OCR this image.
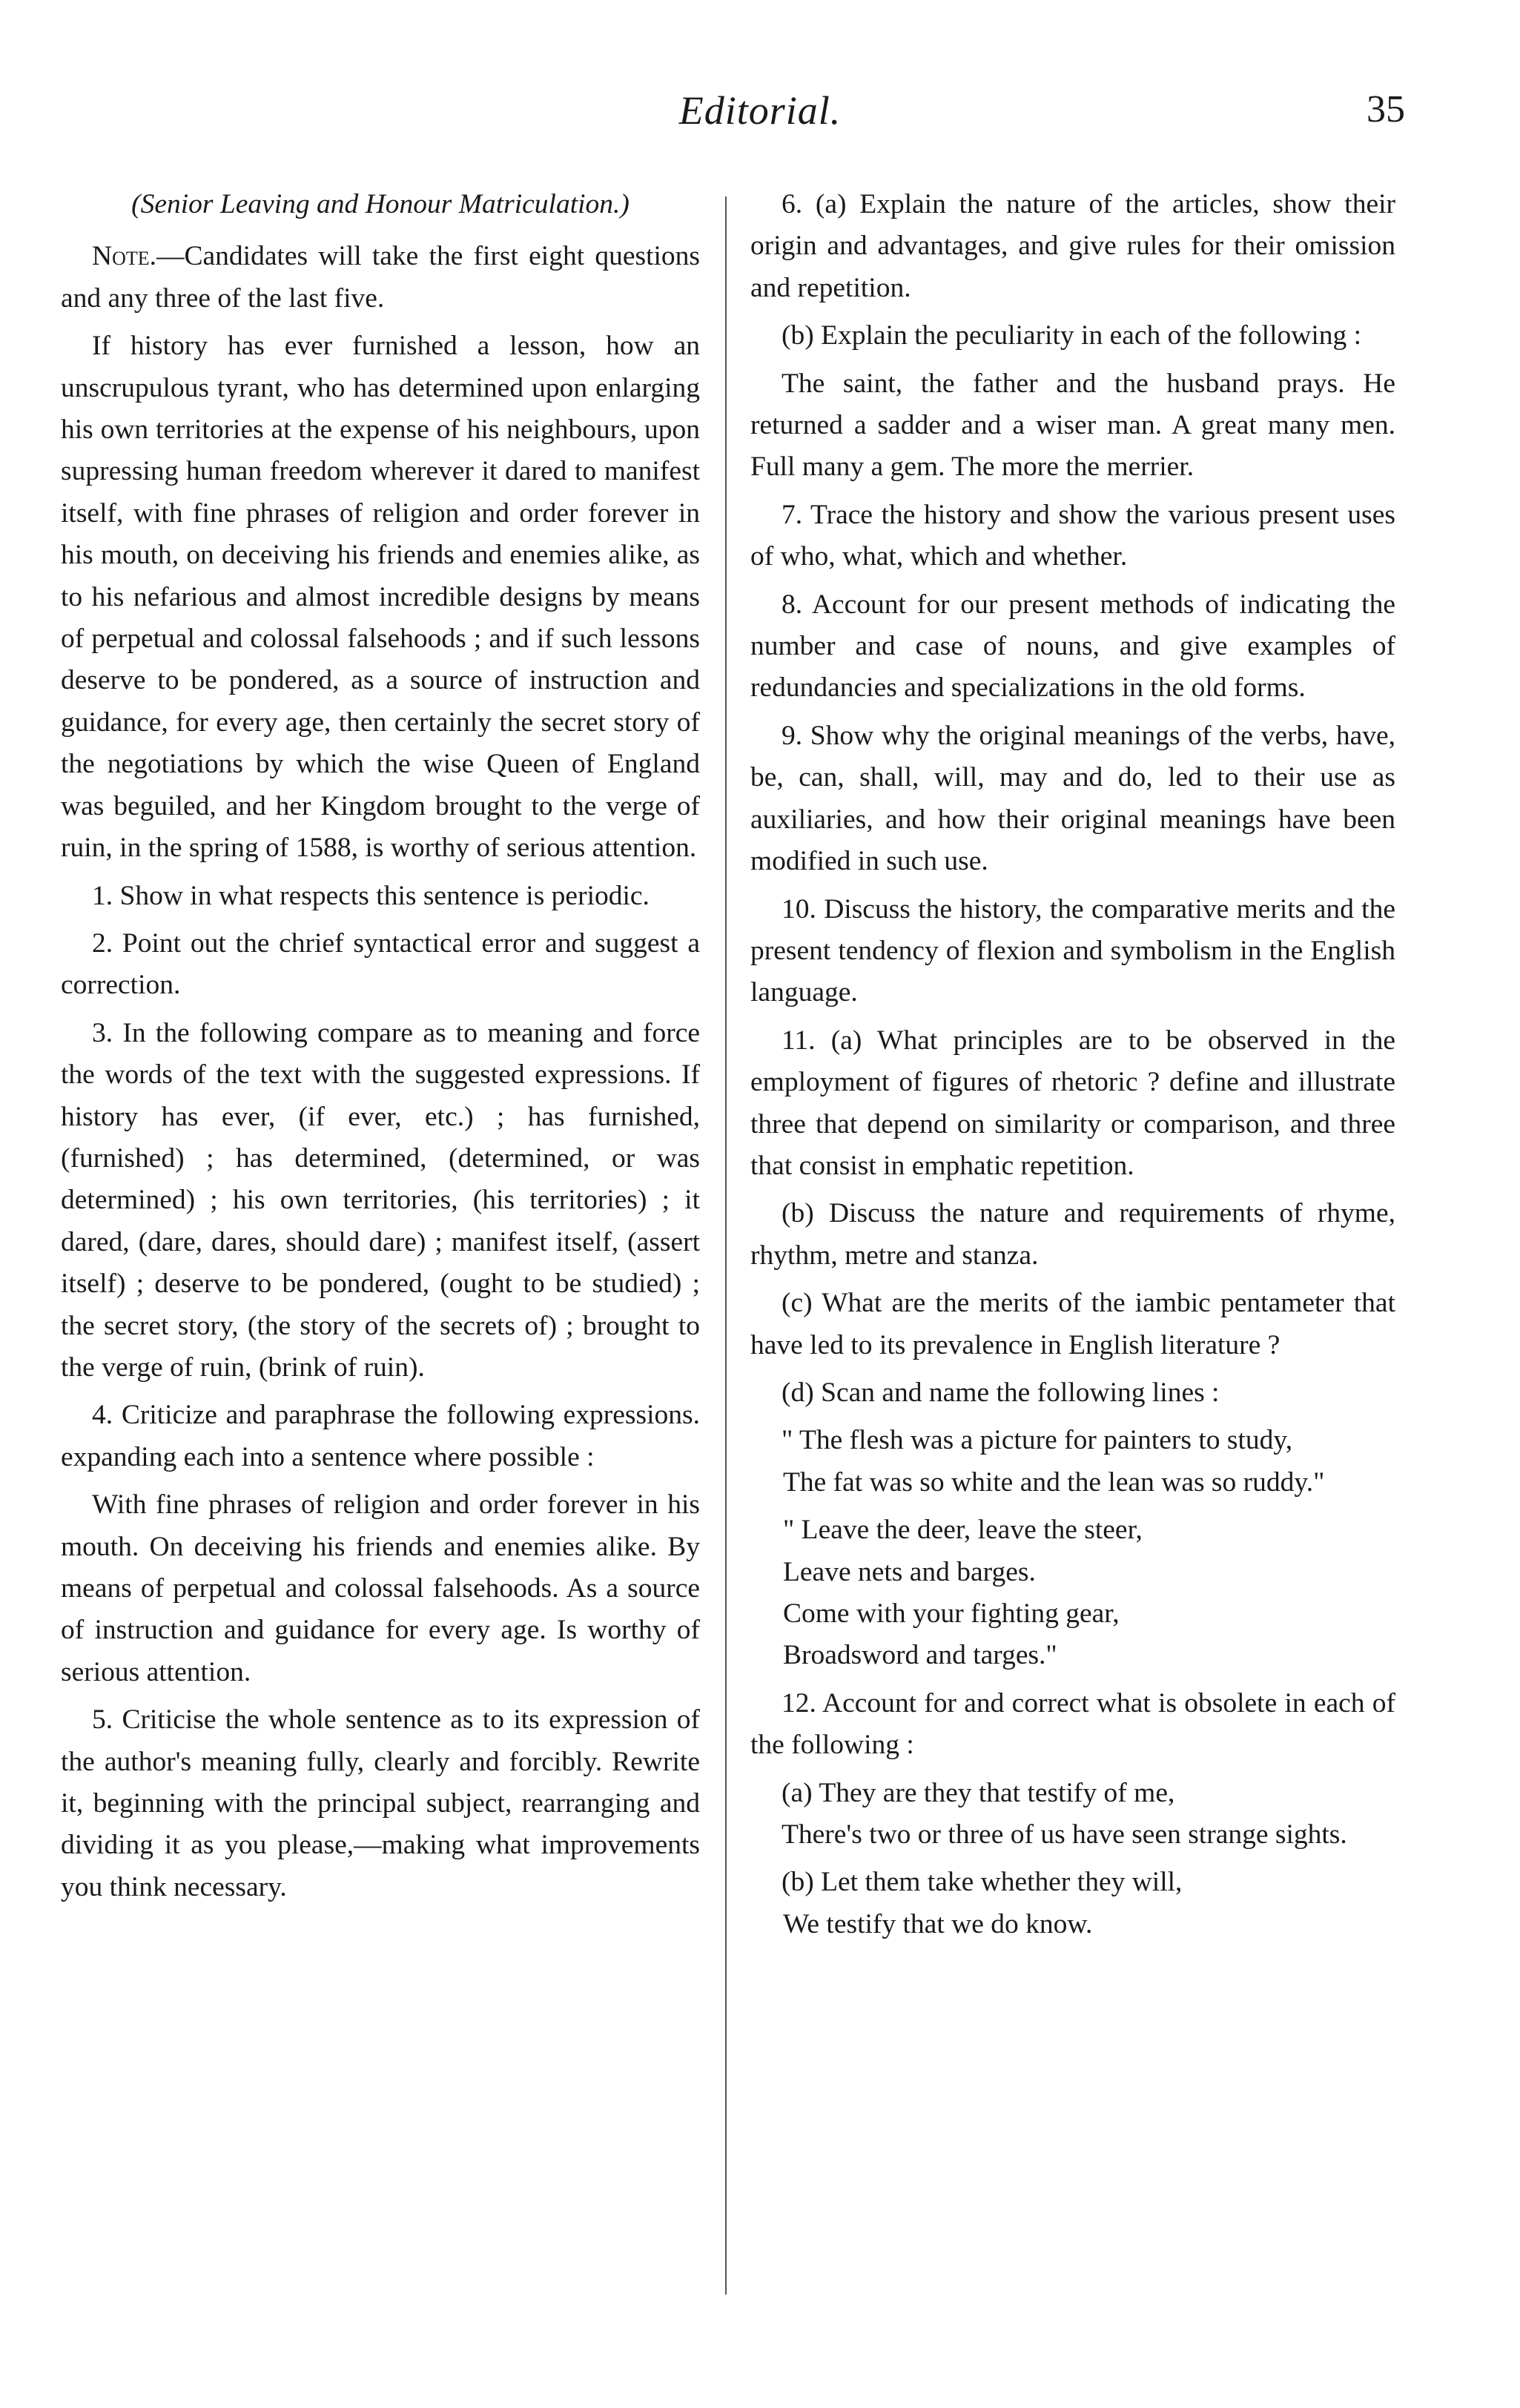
Editorial.	35

(Senior Leaving and Honour Matriculation.)

Note.—Candidates will take the first eight questions and any three of the last five.

If history has ever furnished a lesson, how an unscrupulous tyrant, who has determined upon enlarging his own territories at the expense of his neighbours, upon supressing human freedom wherever it dared to manifest itself, with fine phrases of religion and order forever in his mouth, on deceiving his friends and enemies alike, as to his nefarious and almost incredible designs by means of perpetual and colossal falsehoods ; and if such lessons deserve to be pondered, as a source of instruction and guidance, for every age, then certainly the secret story of the negotiations by which the wise Queen of England was beguiled, and her Kingdom brought to the verge of ruin, in the spring of 1588, is worthy of serious attention.

1. Show in what respects this sentence is periodic.

2. Point out the chrief syntactical error and suggest a correction.

3. In the following compare as to meaning and force the words of the text with the suggested expressions. If history has ever, (if ever, etc.) ; has furnished, (furnished) ; has determined, (determined, or was determined) ; his own territories, (his territories) ; it dared, (dare, dares, should dare) ; manifest itself, (assert itself) ; deserve to be pondered, (ought to be studied) ; the secret story, (the story of the secrets of) ; brought to the verge of ruin, (brink of ruin).

4. Criticize and paraphrase the following expressions. expanding each into a sentence where possible :

With fine phrases of religion and order forever in his mouth. On deceiving his friends and enemies alike. By means of perpetual and colossal falsehoods. As a source of instruction and guidance for every age. Is worthy of serious attention.

5. Criticise the whole sentence as to its expression of the author's meaning fully, clearly and forcibly. Rewrite it, beginning with the principal subject, rearranging and dividing it as you please,—making what improvements you think necessary.

6. (a) Explain the nature of the articles, show their origin and advantages, and give rules for their omission and repetition.

(b) Explain the peculiarity in each of the following :

The saint, the father and the husband prays. He returned a sadder and a wiser man. A great many men. Full many a gem. The more the merrier.

7. Trace the history and show the various present uses of who, what, which and whether.

8. Account for our present methods of indicating the number and case of nouns, and give examples of redundancies and specializations in the old forms.

9. Show why the original meanings of the verbs, have, be, can, shall, will, may and do, led to their use as auxiliaries, and how their original meanings have been modified in such use.

10. Discuss the history, the comparative merits and the present tendency of flexion and symbolism in the English language.

11. (a) What principles are to be observed in the employment of figures of rhetoric ? define and illustrate three that depend on similarity or comparison, and three that consist in emphatic repetition.

(b) Discuss the nature and requirements of rhyme, rhythm, metre and stanza.

(c) What are the merits of the iambic pentameter that have led to its prevalence in English literature ?

(d) Scan and name the following lines :

" The flesh was a picture for painters to study,

The fat was so white and the lean was so ruddy."

" Leave the deer, leave the steer,

Leave nets and barges.

Come with your fighting gear,

Broadsword and targes."

12. Account for and correct what is obsolete in each of the following :

(a) They are they that testify of me,

There's two or three of us have seen strange sights.

(b) Let them take whether they will,

We testify that we do know.
